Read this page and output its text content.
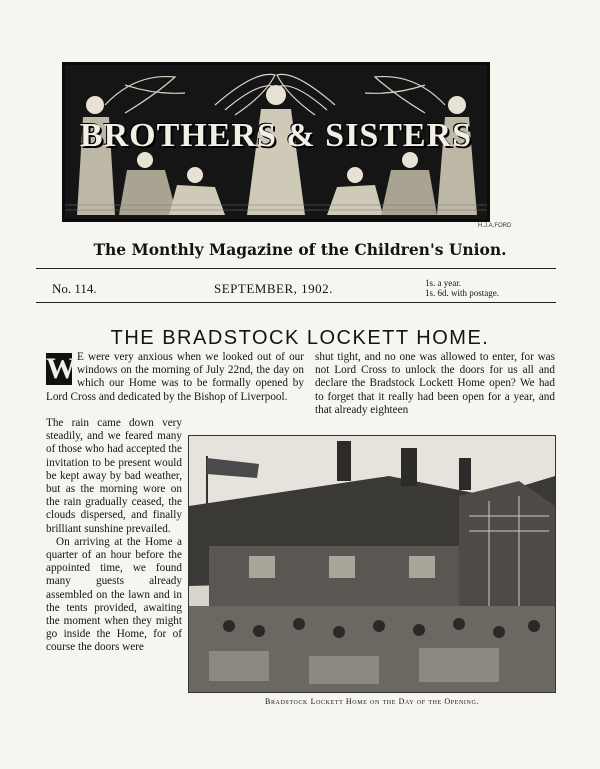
BROTHERS & SISTERS
H.J.A.FORD
The Monthly Magazine of the Children's Union.
No. 114.	SEPTEMBER, 1902.	1s. a year.
1s. 6d. with postage.
THE BRADSTOCK LOCKETT HOME.
W E were very anxious when we looked out of our windows on the morning of July 22nd, the day on which our Home was to be formally opened by Lord Cross and dedicated by the Bishop of Liverpool.

The rain came down very steadily, and we feared many of those who had accepted the invitation to be present would be kept away by bad weather, but as the morning wore on the rain gradually ceased, the clouds dispersed, and finally brilliant sunshine prevailed.

On arriving at the Home a quarter of an hour before the appointed time, we found many guests already assembled on the lawn and in the tents provided, awaiting the moment when they might go inside the Home, for of course the doors were

shut tight, and no one was allowed to enter, for was not Lord Cross to unlock the doors for us all and declare the Bradstock Lockett Home open? We had to forget that it really had been open for a year, and that already eighteen

Bradstock Lockett Home on the Day of the Opening.
